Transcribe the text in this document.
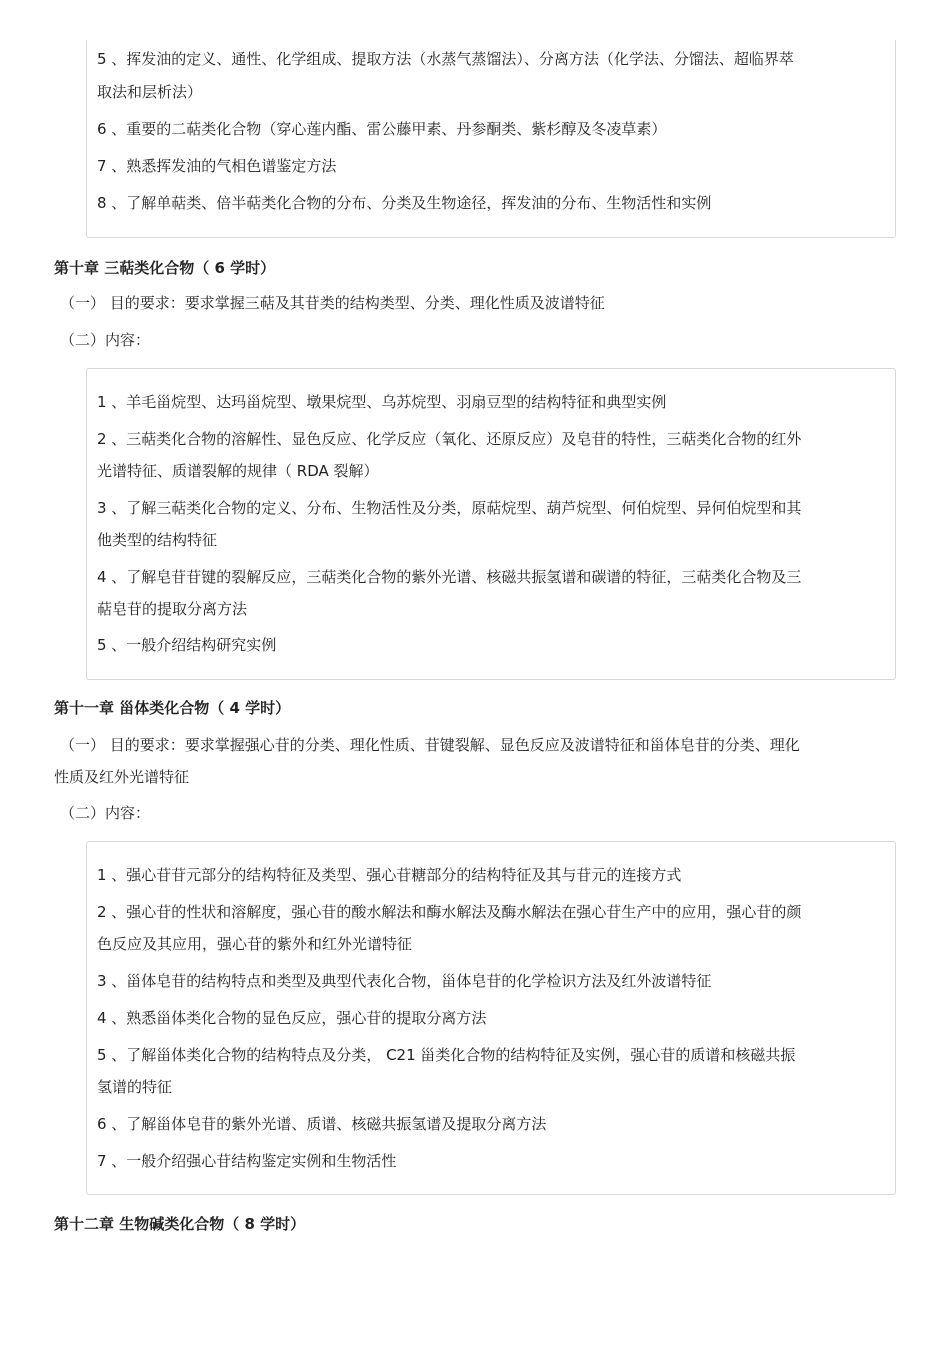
5 、挥发油的定义、通性、化学组成、提取方法（水蒸气蒸馏法）、分离方法（化学法、分馏法、超临界萃

取法和层析法）

6 、重要的二萜类化合物（穿心莲内酯、雷公藤甲素、丹参酮类、紫杉醇及冬凌草素）

7 、熟悉挥发油的气相色谱鉴定方法

8 、了解单萜类、倍半萜类化合物的分布、分类及生物途径，挥发油的分布、生物活性和实例

第十章 三萜类化合物（ 6 学时）

（一） 目的要求：要求掌握三萜及其苷类的结构类型、分类、理化性质及波谱特征

（二）内容：

1 、羊毛甾烷型、达玛甾烷型、墩果烷型、乌苏烷型、羽扇豆型的结构特征和典型实例

2 、三萜类化合物的溶解性、显色反应、化学反应（氧化、还原反应）及皂苷的特性，三萜类化合物的红外

光谱特征、质谱裂解的规律（ RDA 裂解）

3 、了解三萜类化合物的定义、分布、生物活性及分类，原萜烷型、葫芦烷型、何伯烷型、异何伯烷型和其

他类型的结构特征

4 、了解皂苷苷键的裂解反应，三萜类化合物的紫外光谱、核磁共振氢谱和碳谱的特征，三萜类化合物及三

萜皂苷的提取分离方法

5 、一般介绍结构研究实例

第十一章 甾体类化合物（ 4 学时）

（一） 目的要求：要求掌握强心苷的分类、理化性质、苷键裂解、显色反应及波谱特征和甾体皂苷的分类、理化

性质及红外光谱特征

（二）内容：

1 、强心苷苷元部分的结构特征及类型、强心苷糖部分的结构特征及其与苷元的连接方式

2 、强心苷的性状和溶解度，强心苷的酸水解法和酶水解法及酶水解法在强心苷生产中的应用，强心苷的颜

色反应及其应用，强心苷的紫外和红外光谱特征

3 、甾体皂苷的结构特点和类型及典型代表化合物，甾体皂苷的化学检识方法及红外波谱特征

4 、熟悉甾体类化合物的显色反应，强心苷的提取分离方法

5 、了解甾体类化合物的结构特点及分类， C21 甾类化合物的结构特征及实例，强心苷的质谱和核磁共振

氢谱的特征

6 、了解甾体皂苷的紫外光谱、质谱、核磁共振氢谱及提取分离方法

7 、一般介绍强心苷结构鉴定实例和生物活性

第十二章 生物碱类化合物（ 8 学时）
